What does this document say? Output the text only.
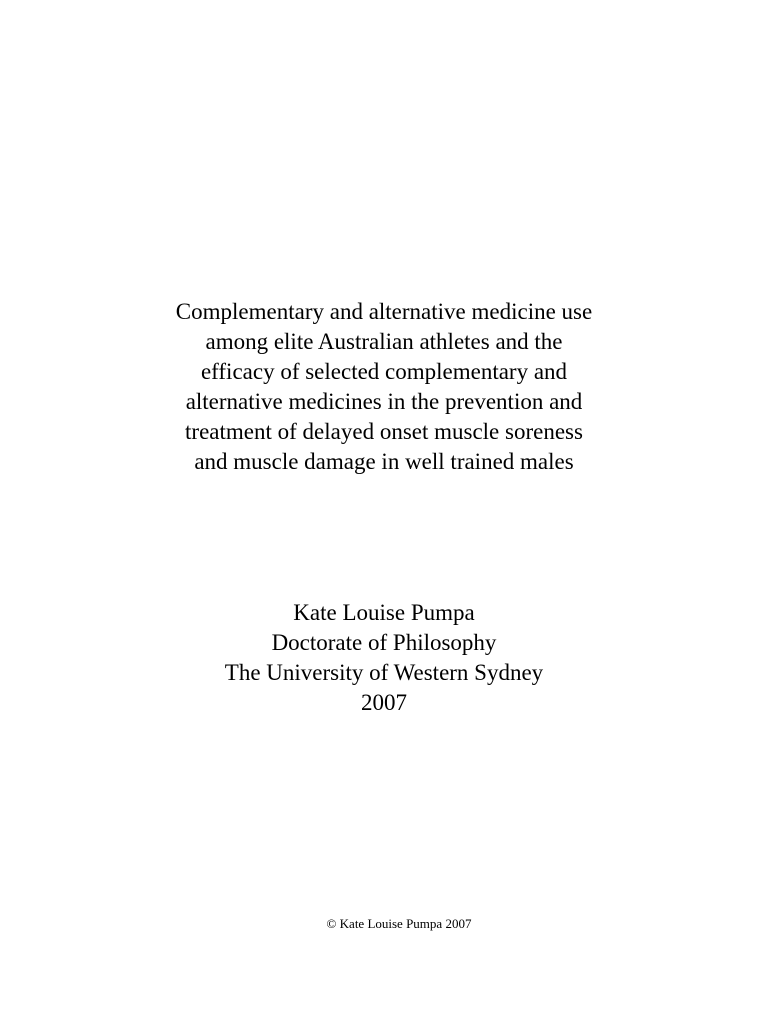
Complementary and alternative medicine use
among elite Australian athletes and the
efficacy of selected complementary and
alternative medicines in the prevention and
treatment of delayed onset muscle soreness
and muscle damage in well trained males
Kate Louise Pumpa
Doctorate of Philosophy
The University of Western Sydney
2007
© Kate Louise Pumpa 2007
